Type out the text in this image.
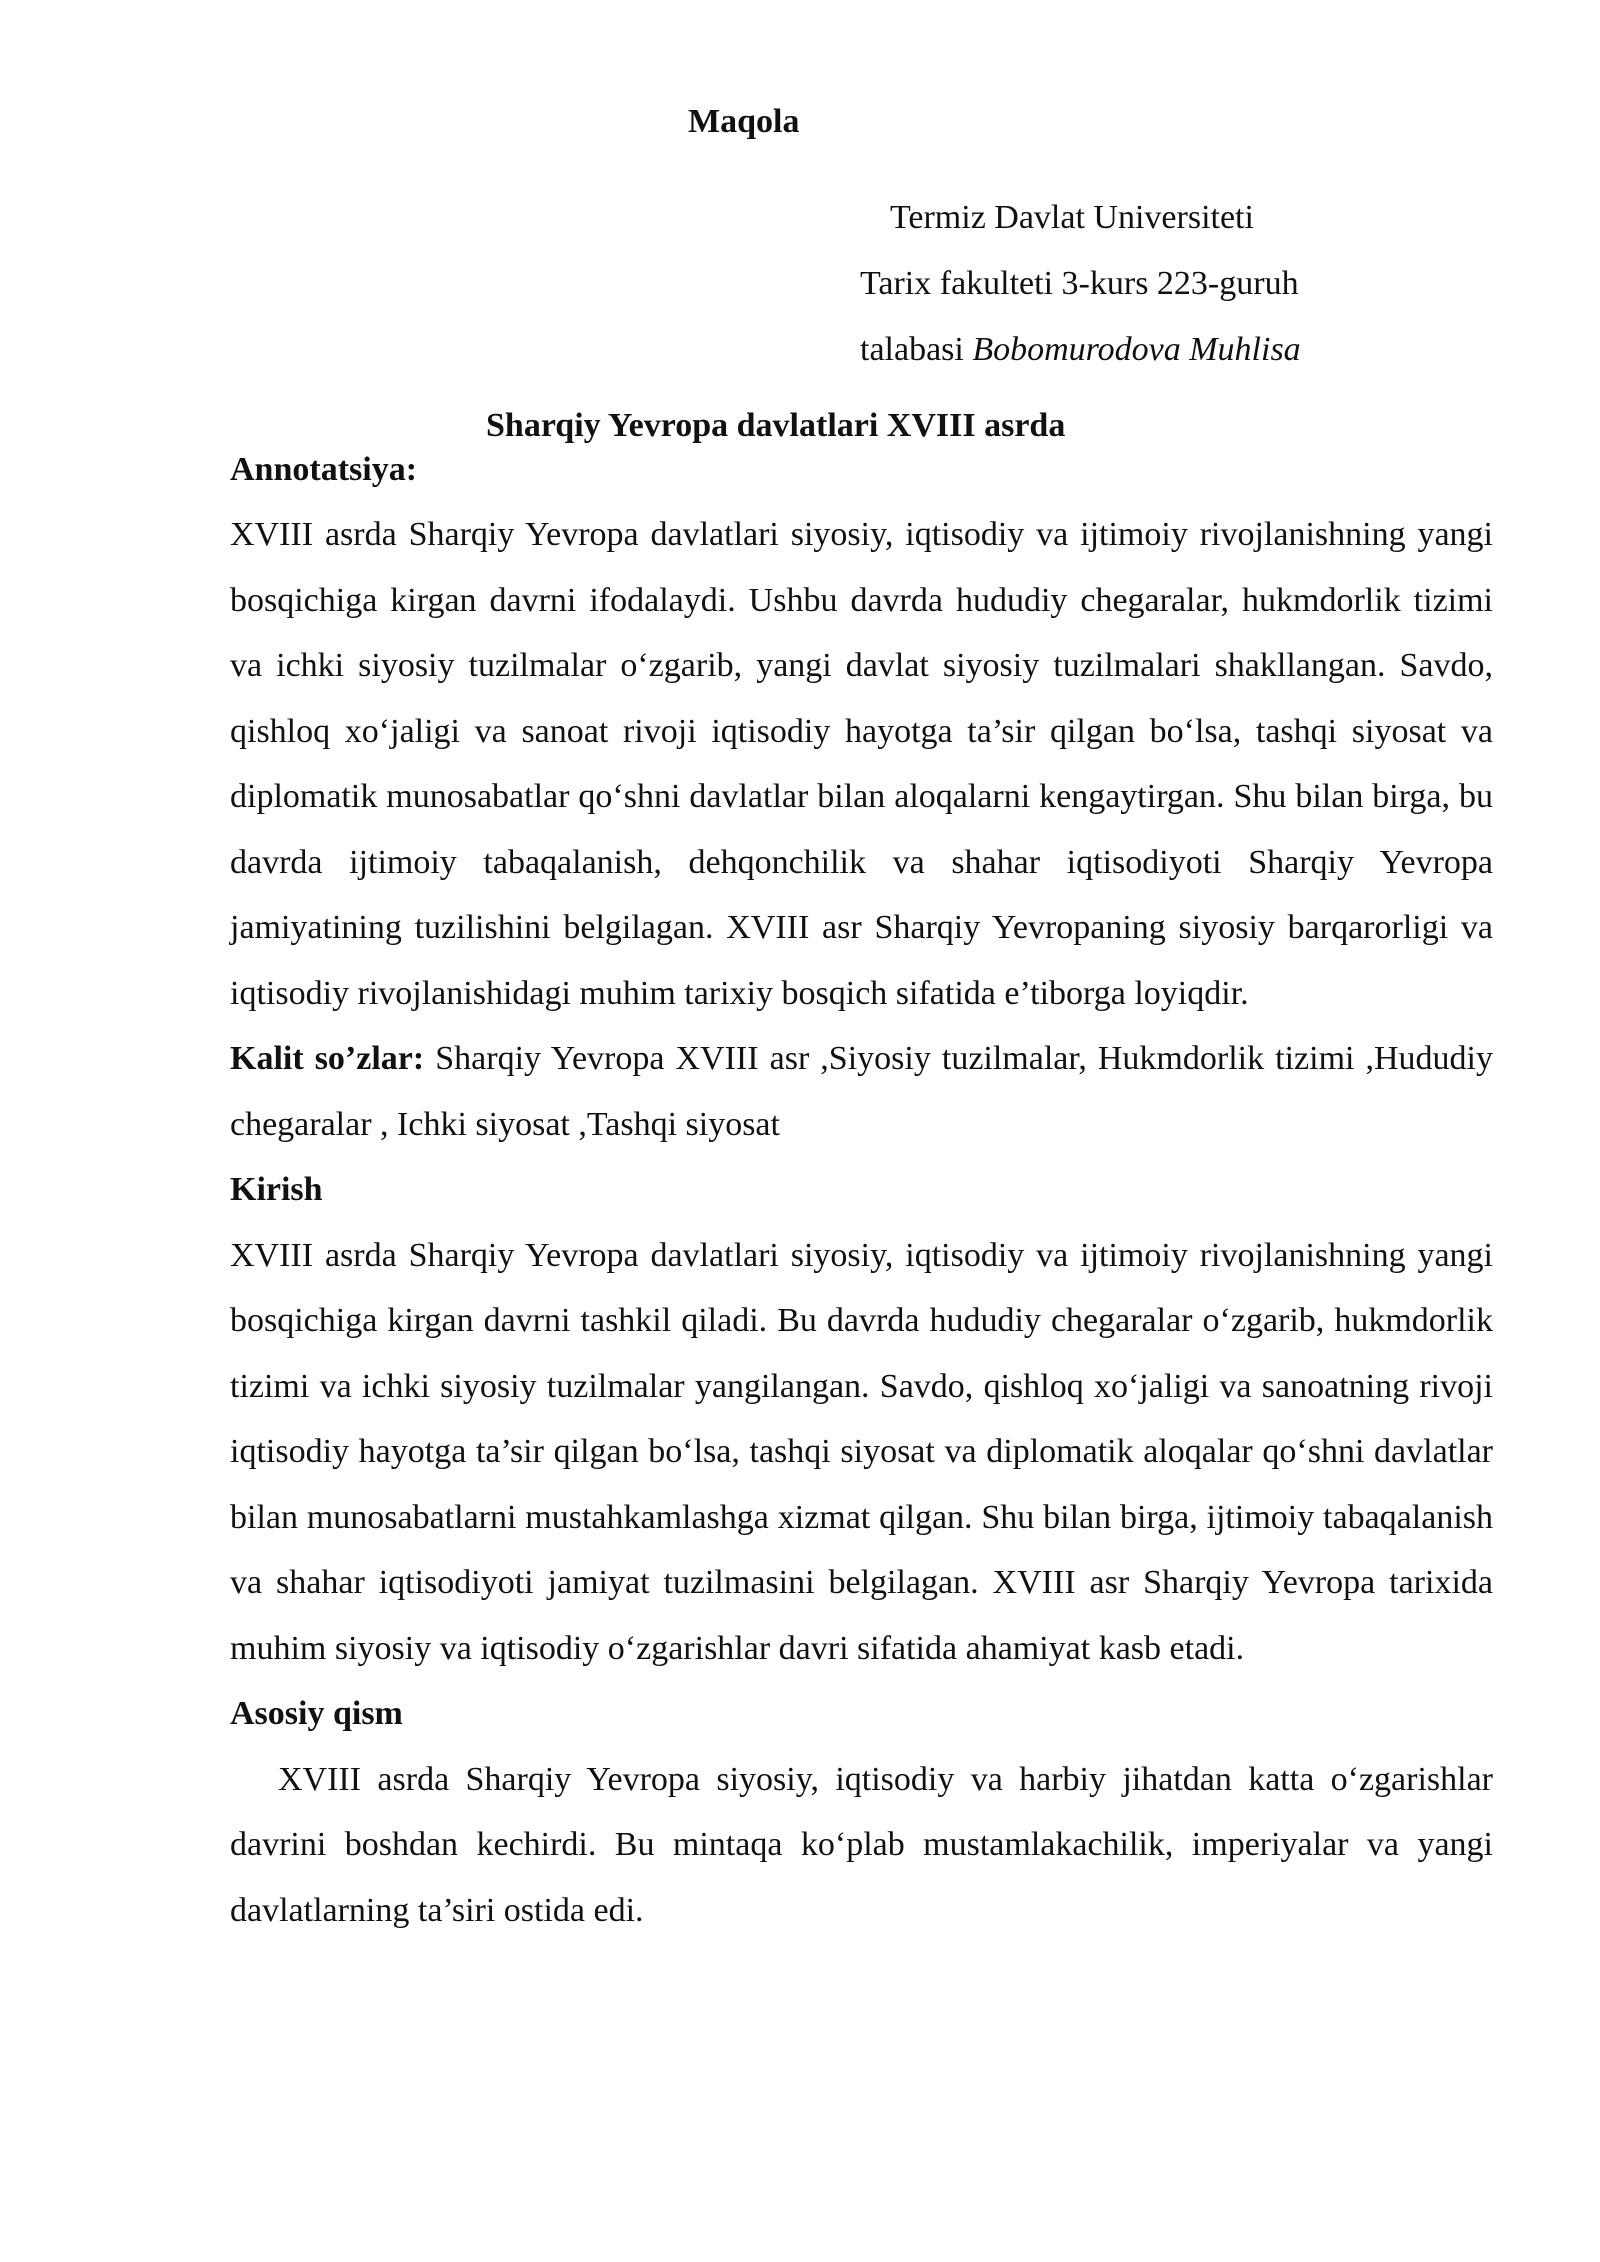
Maqola
Termiz Davlat Universiteti
Tarix fakulteti 3-kurs 223-guruh
talabasi Bobomurodova Muhlisa
Sharqiy Yevropa davlatlari XVIII asrda
Annotatsiya:

XVIII asrda Sharqiy Yevropa davlatlari siyosiy, iqtisodiy va ijtimoiy rivojlanishning yangi bosqichiga kirgan davrni ifodalaydi. Ushbu davrda hududiy chegaralar, hukmdorlik tizimi va ichki siyosiy tuzilmalar o‘zgarib, yangi davlat siyosiy tuzilmalari shakllangan. Savdo, qishloq xo‘jaligi va sanoat rivoji iqtisodiy hayotga ta’sir qilgan bo‘lsa, tashqi siyosat va diplomatik munosabatlar qo‘shni davlatlar bilan aloqalarni kengaytirgan. Shu bilan birga, bu davrda ijtimoiy tabaqalanish, dehqonchilik va shahar iqtisodiyoti Sharqiy Yevropa jamiyatining tuzilishini belgilagan. XVIII asr Sharqiy Yevropaning siyosiy barqarorligi va iqtisodiy rivojlanishidagi muhim tarixiy bosqich sifatida e’tiborga loyiqdir.

Kalit so’zlar: Sharqiy Yevropa XVIII asr ,Siyosiy tuzilmalar, Hukmdorlik tizimi ,Hududiy chegaralar , Ichki siyosat ,Tashqi siyosat

Kirish

XVIII asrda Sharqiy Yevropa davlatlari siyosiy, iqtisodiy va ijtimoiy rivojlanishning yangi bosqichiga kirgan davrni tashkil qiladi. Bu davrda hududiy chegaralar o‘zgarib, hukmdorlik tizimi va ichki siyosiy tuzilmalar yangilangan. Savdo, qishloq xo‘jaligi va sanoatning rivoji iqtisodiy hayotga ta’sir qilgan bo‘lsa, tashqi siyosat va diplomatik aloqalar qo‘shni davlatlar bilan munosabatlarni mustahkamlashga xizmat qilgan. Shu bilan birga, ijtimoiy tabaqalanish va shahar iqtisodiyoti jamiyat tuzilmasini belgilagan. XVIII asr Sharqiy Yevropa tarixida muhim siyosiy va iqtisodiy o‘zgarishlar davri sifatida ahamiyat kasb etadi.

Asosiy qism

XVIII asrda Sharqiy Yevropa siyosiy, iqtisodiy va harbiy jihatdan katta o‘zgarishlar davrini boshdan kechirdi. Bu mintaqa ko‘plab mustamlakachilik, imperiyalar va yangi davlatlarning ta’siri ostida edi.
